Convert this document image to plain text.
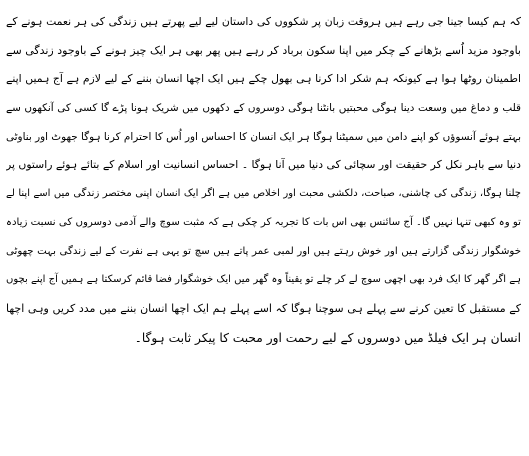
کہ ہم کیسا جینا جی رہے ہیں ہروقت زبان پر شکووں کی داستان لیے لیے پھرتے ہیں زندگی کی ہر نعمت ہونے کے
باوجود مزید اُسے بڑھانے کے چکر میں اپنا سکون برباد کر رہے ہیں پھر بھی ہر ایک چیز ہونے کے باوجود زندگی سے
اطمینان روٹھا ہوا ہے کیونکہ ہم شکر ادا کرنا ہی بھول چکے ہیں ایک اچھا انسان بننے کے لیے لازم ہے آج ہمیں اپنے
قلب و دماغ میں وسعت دینا ہوگی محبتیں بانٹنا ہوگی دوسروں کے دکھوں میں شریک ہونا پڑے گا کسی کی آنکھوں سے
بہتے ہوئے آنسوؤں کو اپنے دامن میں سمیٹنا ہوگا ہر ایک انسان کا احساس اور اُس کا احترام کرنا ہوگا جھوٹ اور بناوٹی
دنیا سے باہر نکل کر حقیقت اور سچائی کی دنیا میں آنا ہوگا ۔ احساس انسانیت اور اسلام کے بتائے ہوئے راستوں پر
چلنا ہوگا، زندگی کی چاشنی، صباحت، دلکشی محبت اور اخلاص میں ہے اگر ایک انسان اپنی مختصر زندگی میں اسے اپنا لے
تو وہ کبھی تنہا نہیں گا۔ آج سائنس بھی اس بات کا تجربہ کر چکی ہے کہ مثبت سوچ والے آدمی دوسروں کی نسبت زیادہ
خوشگوار زندگی گزارتے ہیں اور خوش رہتے ہیں اور لمبی عمر پاتے ہیں سچ تو یہی ہے نفرت کے لیے زندگی بہت چھوٹی
ہے اگر گھر کا ایک فرد بھی اچھی سوچ لے کر چلے تو یقیناً وہ گھر میں ایک خوشگوار فضا قائم کرسکتا ہے ہمیں آج اپنے بچوں
کے مستقبل کا تعین کرنے سے پہلے ہی سوچنا ہوگا کہ اسے پہلے ہم ایک اچھا انسان بننے میں مدد کریں وہی اچھا
انسان ہر ایک فیلڈ میں دوسروں کے لیے رحمت اور محبت کا پیکر ثابت ہوگا۔
